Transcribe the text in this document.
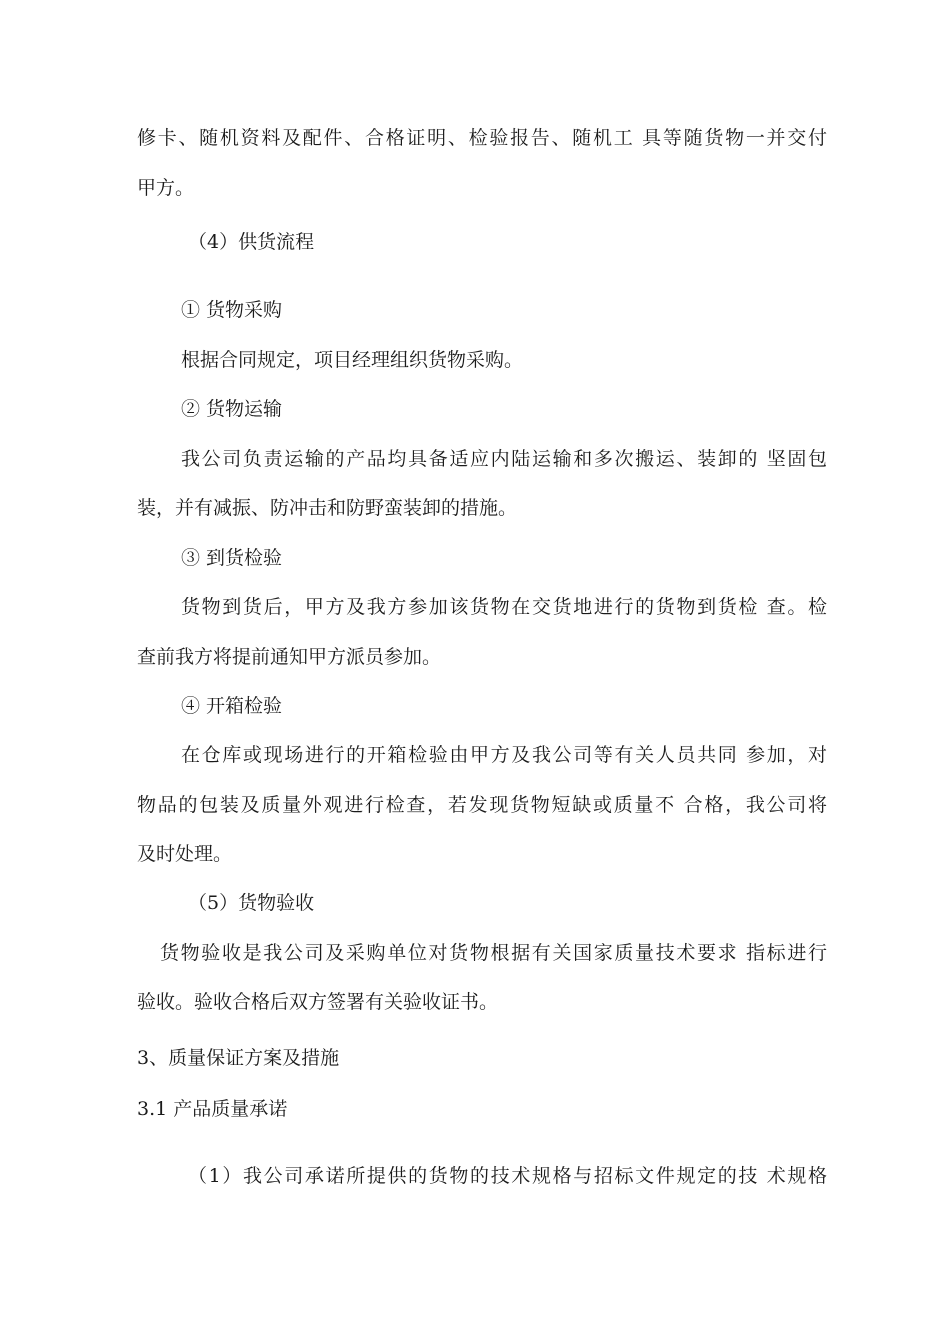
修卡、随机资料及配件、合格证明、检验报告、随机工 具等随货物一并交付
甲方。
（4）供货流程
① 货物采购
根据合同规定，项目经理组织货物采购。
② 货物运输
我公司负责运输的产品均具备适应内陆运输和多次搬运、装卸的 坚固包
装，并有减振、防冲击和防野蛮装卸的措施。
③ 到货检验
货物到货后，甲方及我方参加该货物在交货地进行的货物到货检 查。检
查前我方将提前通知甲方派员参加。
④ 开箱检验
在仓库或现场进行的开箱检验由甲方及我公司等有关人员共同 参加，对
物品的包装及质量外观进行检查，若发现货物短缺或质量不 合格，我公司将
及时处理。
（5）货物验收
货物验收是我公司及采购单位对货物根据有关国家质量技术要求 指标进行
验收。验收合格后双方签署有关验收证书。
3、质量保证方案及措施
3.1 产品质量承诺
（1）我公司承诺所提供的货物的技术规格与招标文件规定的技 术规格
